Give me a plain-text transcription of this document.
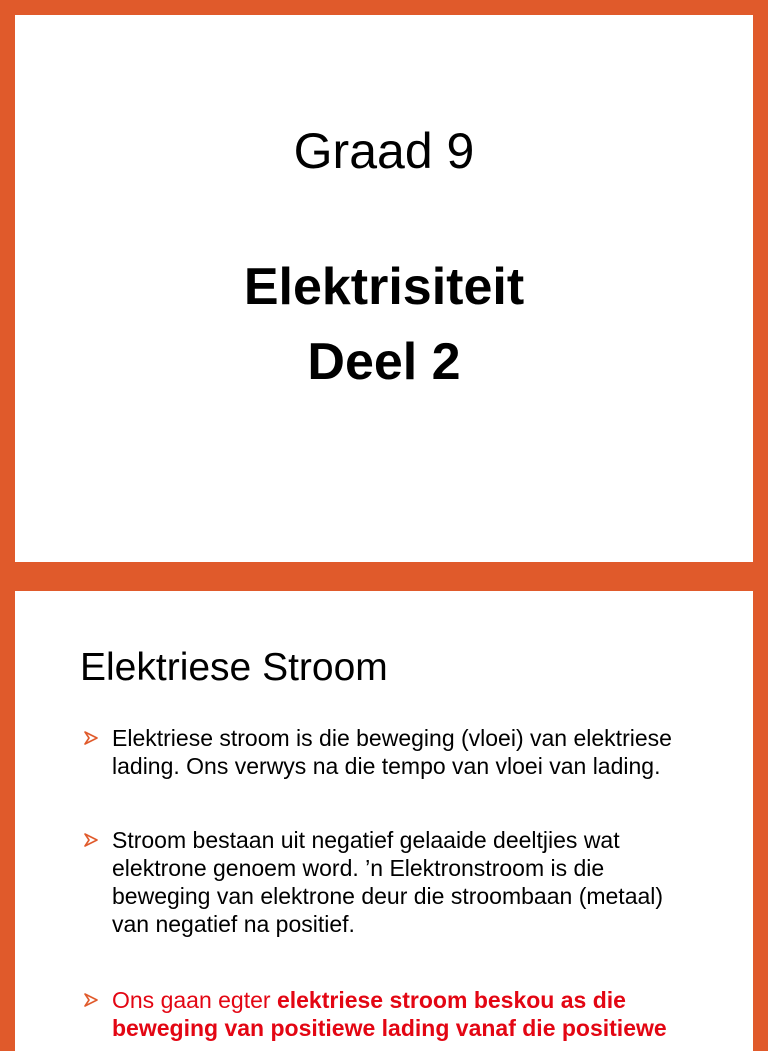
Graad 9
Elektrisiteit
Deel 2
Elektriese Stroom
Elektriese stroom is die beweging (vloei) van elektriese lading. Ons verwys na die tempo van vloei van lading.
Stroom bestaan uit negatief gelaaide deeltjies wat elektrone genoem word. ’n Elektronstroom is die beweging van elektrone deur die stroombaan (metaal) van negatief na positief.
Ons gaan egter elektriese stroom beskou as die beweging van positiewe lading vanaf die positiewe
